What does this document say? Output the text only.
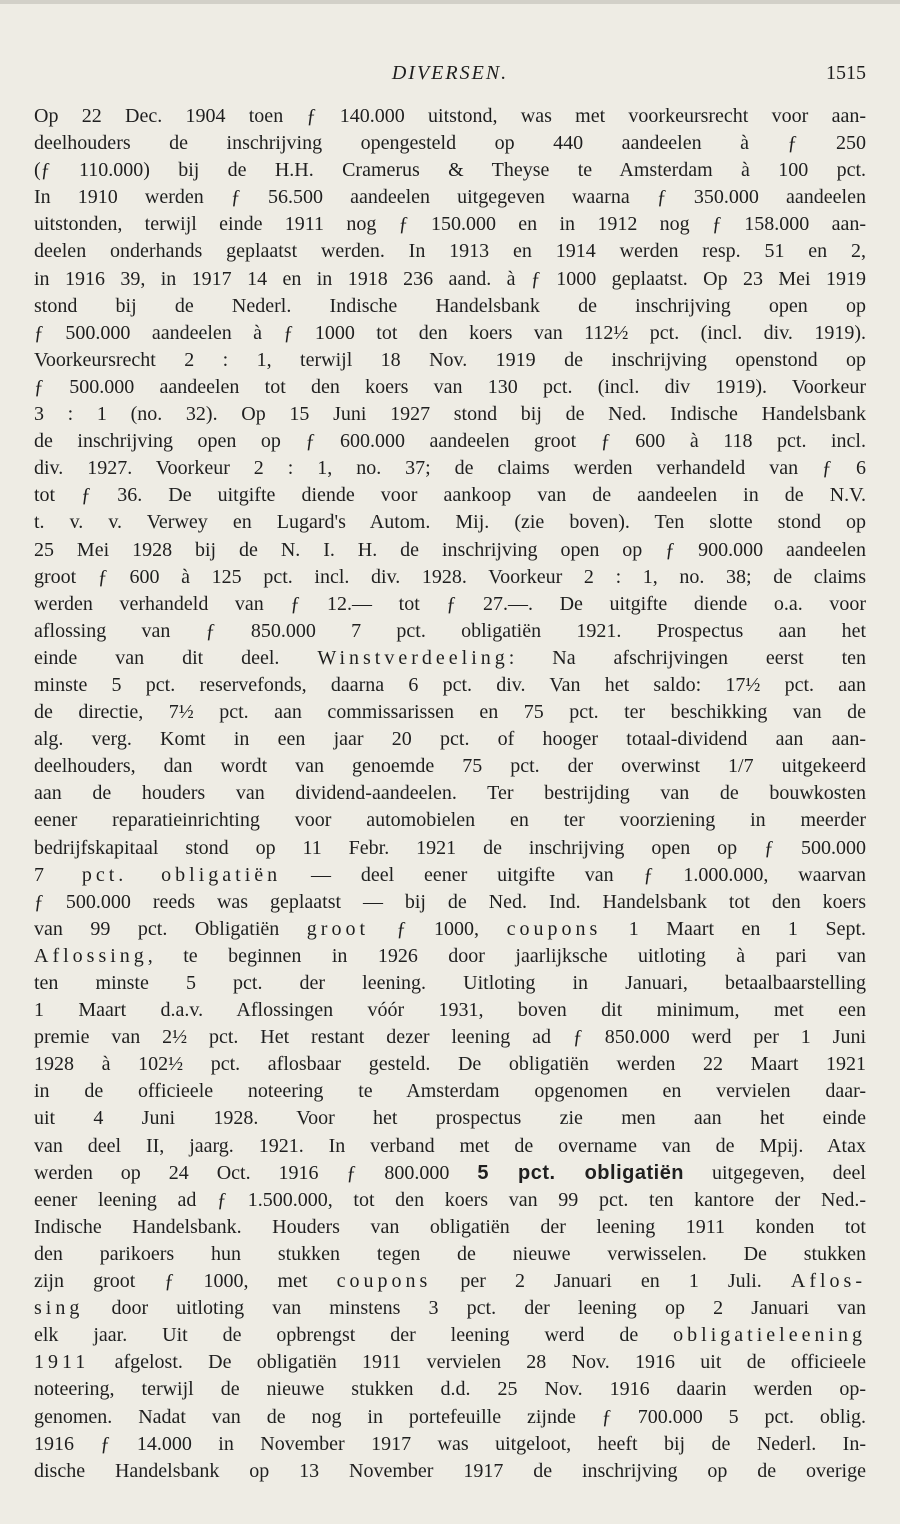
DIVERSEN.	1515
Op 22 Dec. 1904 toen ƒ 140.000 uitstond, was met voorkeursrecht voor aan-
deelhouders de inschrijving opengesteld op 440 aandeelen à ƒ 250
(ƒ 110.000) bij de H.H. Cramerus & Theyse te Amsterdam à 100 pct.
In 1910 werden ƒ 56.500 aandeelen uitgegeven waarna ƒ 350.000 aandeelen
uitstonden, terwijl einde 1911 nog ƒ 150.000 en in 1912 nog ƒ 158.000 aan-
deelen onderhands geplaatst werden. In 1913 en 1914 werden resp. 51 en 2,
in 1916 39, in 1917 14 en in 1918 236 aand. à ƒ 1000 geplaatst. Op 23 Mei 1919
stond bij de Nederl. Indische Handelsbank de inschrijving open op
ƒ 500.000 aandeelen à ƒ 1000 tot den koers van 112½ pct. (incl. div. 1919).
Voorkeursrecht 2 : 1, terwijl 18 Nov. 1919 de inschrijving openstond op
ƒ 500.000 aandeelen tot den koers van 130 pct. (incl. div 1919). Voorkeur
3 : 1 (no. 32). Op 15 Juni 1927 stond bij de Ned. Indische Handelsbank
de inschrijving open op ƒ 600.000 aandeelen groot ƒ 600 à 118 pct. incl.
div. 1927. Voorkeur 2 : 1, no. 37; de claims werden verhandeld van ƒ 6
tot ƒ 36. De uitgifte diende voor aankoop van de aandeelen in de N.V.
t. v. v. Verwey en Lugard's Autom. Mij. (zie boven). Ten slotte stond op
25 Mei 1928 bij de N. I. H. de inschrijving open op ƒ 900.000 aandeelen
groot ƒ 600 à 125 pct. incl. div. 1928. Voorkeur 2 : 1, no. 38; de claims
werden verhandeld van ƒ 12.— tot ƒ 27.—. De uitgifte diende o.a. voor
aflossing van ƒ 850.000 7 pct. obligatiën 1921. Prospectus aan het
einde van dit deel. Winstverdeeling: Na afschrijvingen eerst ten
minste 5 pct. reservefonds, daarna 6 pct. div. Van het saldo: 17½ pct. aan
de directie, 7½ pct. aan commissarissen en 75 pct. ter beschikking van de
alg. verg. Komt in een jaar 20 pct. of hooger totaal-dividend aan aan-
deelhouders, dan wordt van genoemde 75 pct. der overwinst 1/7 uitgekeerd
aan de houders van dividend-aandeelen. Ter bestrijding van de bouwkosten
eener reparatieinrichting voor automobielen en ter voorziening in meerder
bedrijfskapitaal stond op 11 Febr. 1921 de inschrijving open op ƒ 500.000
7 pct. obligatiën — deel eener uitgifte van ƒ 1.000.000, waarvan
ƒ 500.000 reeds was geplaatst — bij de Ned. Ind. Handelsbank tot den koers
van 99 pct. Obligatiën groot ƒ 1000, coupons 1 Maart en 1 Sept.
Aflossing, te beginnen in 1926 door jaarlijksche uitloting à pari van
ten minste 5 pct. der leening. Uitloting in Januari, betaalbaarstelling
1 Maart d.a.v. Aflossingen vóór 1931, boven dit minimum, met een
premie van 2½ pct. Het restant dezer leening ad ƒ 850.000 werd per 1 Juni
1928 à 102½ pct. aflosbaar gesteld. De obligatiën werden 22 Maart 1921
in de officieele noteering te Amsterdam opgenomen en vervielen daar-
uit 4 Juni 1928. Voor het prospectus zie men aan het einde
van deel II, jaarg. 1921. In verband met de overname van de Mpij. Atax
werden op 24 Oct. 1916 ƒ 800.000 5 pct. obligatiën uitgegeven, deel
eener leening ad ƒ 1.500.000, tot den koers van 99 pct. ten kantore der Ned.-
Indische Handelsbank. Houders van obligatiën der leening 1911 konden tot
den parikoers hun stukken tegen de nieuwe verwisselen. De stukken
zijn groot ƒ 1000, met coupons per 2 Januari en 1 Juli. Aflos-
sing door uitloting van minstens 3 pct. der leening op 2 Januari van
elk jaar. Uit de opbrengst der leening werd de obligatieleening
1911 afgelost. De obligatiën 1911 vervielen 28 Nov. 1916 uit de officieele
noteering, terwijl de nieuwe stukken d.d. 25 Nov. 1916 daarin werden op-
genomen. Nadat van de nog in portefeuille zijnde ƒ 700.000 5 pct. oblig.
1916 ƒ 14.000 in November 1917 was uitgeloot, heeft bij de Nederl. In-
dische Handelsbank op 13 November 1917 de inschrijving op de overige
